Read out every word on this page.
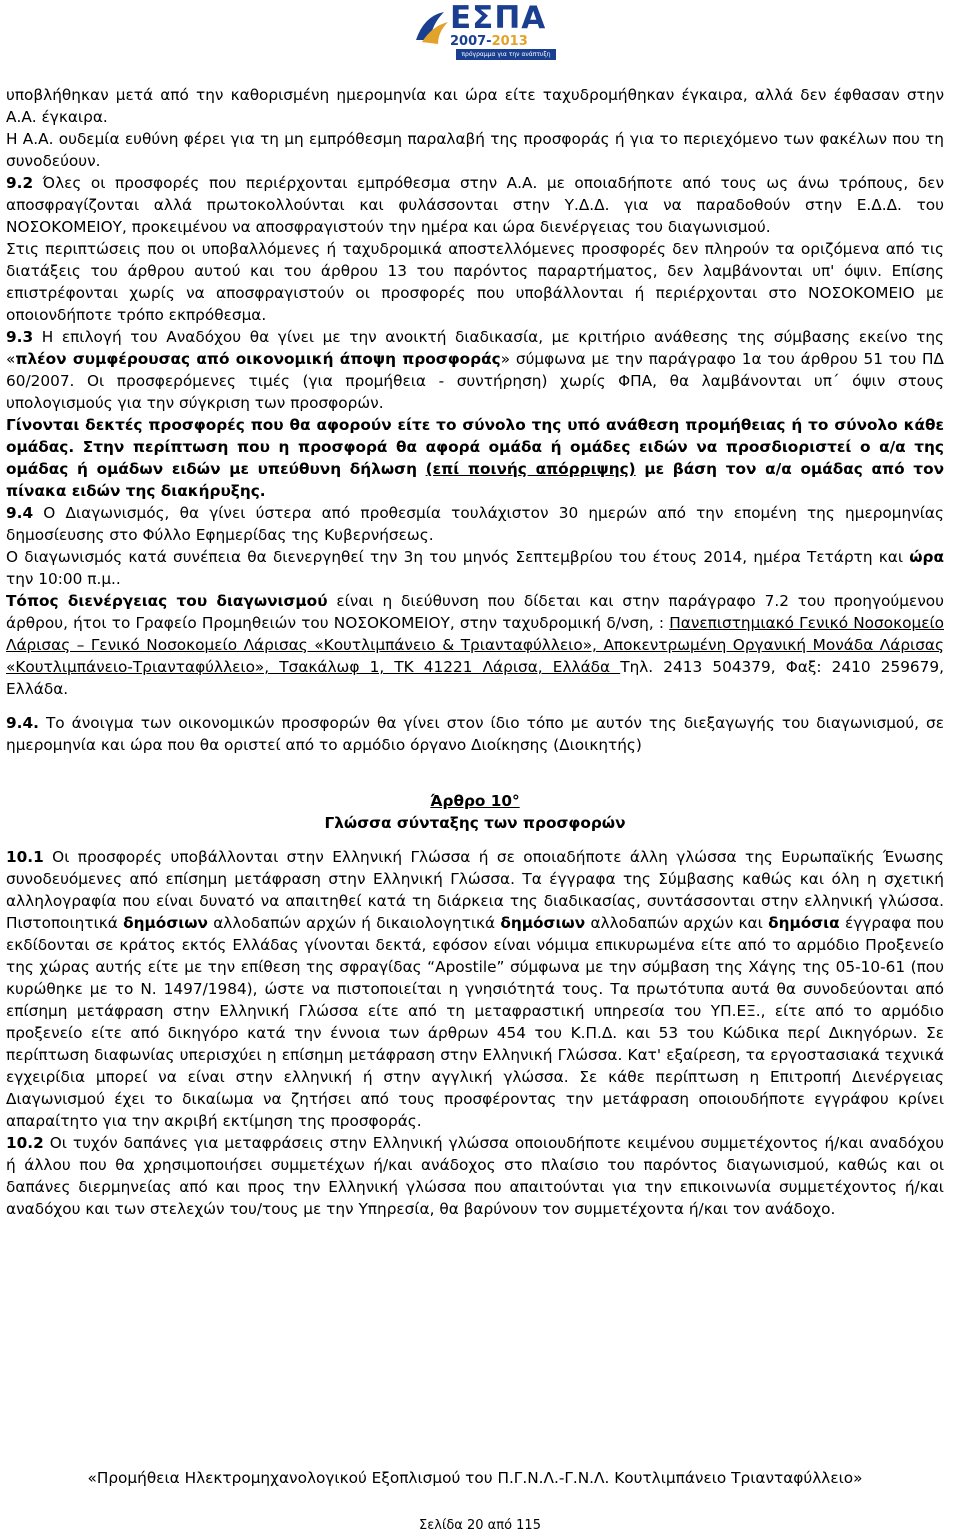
ΕΣΠΑ
2007-2013
πρόγραμμα για την ανάπτυξη

υποβλήθηκαν μετά από την καθορισμένη ημερομηνία και ώρα είτε ταχυδρομήθηκαν έγκαιρα, αλλά δεν έφθασαν στην Α.Α. έγκαιρα.

Η Α.Α. ουδεμία ευθύνη φέρει για τη μη εμπρόθεσμη παραλαβή της προσφοράς ή για το περιεχόμενο των φακέλων που τη συνοδεύουν.

9.2 Όλες οι προσφορές που περιέρχονται εμπρόθεσμα στην Α.Α. με οποιαδήποτε από τους ως άνω τρόπους, δεν αποσφραγίζονται αλλά πρωτοκολλούνται και φυλάσσονται στην Υ.Δ.Δ. για να παραδοθούν στην Ε.Δ.Δ. του ΝΟΣΟΚΟΜΕΙΟΥ, προκειμένου να αποσφραγιστούν την ημέρα και ώρα διενέργειας του διαγωνισμού.

Στις περιπτώσεις που οι υποβαλλόμενες ή ταχυδρομικά αποστελλόμενες προσφορές δεν πληρούν τα οριζόμενα από τις διατάξεις του άρθρου αυτού και του άρθρου 13 του παρόντος παραρτήματος, δεν λαμβάνονται υπ' όψιν. Επίσης επιστρέφονται χωρίς να αποσφραγιστούν οι προσφορές που υποβάλλονται ή περιέρχονται στο ΝΟΣΟΚΟΜΕΙΟ με οποιονδήποτε τρόπο εκπρόθεσμα.

9.3 Η επιλογή του Αναδόχου θα γίνει με την ανοικτή διαδικασία, με κριτήριο ανάθεσης της σύμβασης εκείνο της «πλέον συμφέρουσας από οικονομική άποψη προσφοράς» σύμφωνα με την παράγραφο 1α του άρθρου 51 του ΠΔ 60/2007. Οι προσφερόμενες τιμές (για προμήθεια - συντήρηση) χωρίς ΦΠΑ, θα λαμβάνονται υπ΄ όψιν στους υπολογισμούς για την σύγκριση των προσφορών.

Γίνονται δεκτές προσφορές που θα αφορούν είτε το σύνολο της υπό ανάθεση προμήθειας ή το σύνολο κάθε ομάδας. Στην περίπτωση που η προσφορά θα αφορά ομάδα ή ομάδες ειδών να προσδιοριστεί ο α/α της ομάδας ή ομάδων ειδών με υπεύθυνη δήλωση (επί ποινής απόρριψης) με βάση τον α/α ομάδας από τον πίνακα ειδών της διακήρυξης.

9.4 Ο Διαγωνισμός, θα γίνει ύστερα από προθεσμία τουλάχιστον 30 ημερών από την επομένη της ημερομηνίας δημοσίευσης στο Φύλλο Εφημερίδας της Κυβερνήσεως.

Ο διαγωνισμός κατά συνέπεια θα διενεργηθεί την 3η του μηνός Σεπτεμβρίου του έτους 2014, ημέρα Τετάρτη και ώρα την 10:00 π.μ..

Τόπος διενέργειας του διαγωνισμού είναι η διεύθυνση που δίδεται και στην παράγραφο 7.2 του προηγούμενου άρθρου, ήτοι το Γραφείο Προμηθειών του ΝΟΣΟΚΟΜΕΙΟΥ, στην ταχυδρομική δ/νση, : Πανεπιστημιακό Γενικό Νοσοκομείο Λάρισας – Γενικό Νοσοκομείο Λάρισας «Κουτλιμπάνειο & Τριανταφύλλειο», Αποκεντρωμένη Οργανική Μονάδα Λάρισας «Κουτλιμπάνειο-Τριανταφύλλειο», Τσακάλωφ 1, ΤΚ 41221 Λάρισα, Ελλάδα Τηλ. 2413 504379, Φαξ: 2410 259679, Ελλάδα.

9.4. Το άνοιγμα των οικονομικών προσφορών θα γίνει στον ίδιο τόπο με αυτόν της διεξαγωγής του διαγωνισμού, σε ημερομηνία και ώρα που θα οριστεί από το αρμόδιο όργανο Διοίκησης (Διοικητής)

Άρθρο 10°

Γλώσσα σύνταξης των προσφορών

10.1 Οι προσφορές υποβάλλονται στην Ελληνική Γλώσσα ή σε οποιαδήποτε άλλη γλώσσα της Ευρωπαϊκής Ένωσης συνοδευόμενες από επίσημη μετάφραση στην Ελληνική Γλώσσα. Τα έγγραφα της Σύμβασης καθώς και όλη η σχετική αλληλογραφία που είναι δυνατό να απαιτηθεί κατά τη διάρκεια της διαδικασίας, συντάσσονται στην ελληνική γλώσσα. Πιστοποιητικά δημόσιων αλλοδαπών αρχών ή δικαιολογητικά δημόσιων αλλοδαπών αρχών και δημόσια έγγραφα που εκδίδονται σε κράτος εκτός Ελλάδας γίνονται δεκτά, εφόσον είναι νόμιμα επικυρωμένα είτε από το αρμόδιο Προξενείο της χώρας αυτής είτε με την επίθεση της σφραγίδας “Apostile” σύμφωνα με την σύμβαση της Χάγης της 05-10-61 (που κυρώθηκε με το Ν. 1497/1984), ώστε να πιστοποιείται η γνησιότητά τους. Τα πρωτότυπα αυτά θα συνοδεύονται από επίσημη μετάφραση στην Ελληνική Γλώσσα είτε από τη μεταφραστική υπηρεσία του ΥΠ.ΕΞ., είτε από το αρμόδιο προξενείο είτε από δικηγόρο κατά την έννοια των άρθρων 454 του Κ.Π.Δ. και 53 του Κώδικα περί Δικηγόρων. Σε περίπτωση διαφωνίας υπερισχύει η επίσημη μετάφραση στην Ελληνική Γλώσσα. Κατ' εξαίρεση, τα εργοστασιακά τεχνικά εγχειρίδια μπορεί να είναι στην ελληνική ή στην αγγλική γλώσσα. Σε κάθε περίπτωση η Επιτροπή Διενέργειας Διαγωνισμού έχει το δικαίωμα να ζητήσει από τους προσφέροντας την μετάφραση οποιουδήποτε εγγράφου κρίνει απαραίτητο για την ακριβή εκτίμηση της προσφοράς.

10.2 Οι τυχόν δαπάνες για μεταφράσεις στην Ελληνική γλώσσα οποιουδήποτε κειμένου συμμετέχοντος ή/και αναδόχου ή άλλου που θα χρησιμοποιήσει συμμετέχων ή/και ανάδοχος στο πλαίσιο του παρόντος διαγωνισμού, καθώς και οι δαπάνες διερμηνείας από και προς την Ελληνική γλώσσα που απαιτούνται για την επικοινωνία συμμετέχοντος ή/και αναδόχου και των στελεχών του/τους με την Υπηρεσία, θα βαρύνουν τον συμμετέχοντα ή/και τον ανάδοχο.

«Προμήθεια Ηλεκτρομηχανολογικού Εξοπλισμού του Π.Γ.Ν.Λ.-Γ.Ν.Λ. Κουτλιμπάνειο Τριανταφύλλειο»
Σελίδα 20 από 115
